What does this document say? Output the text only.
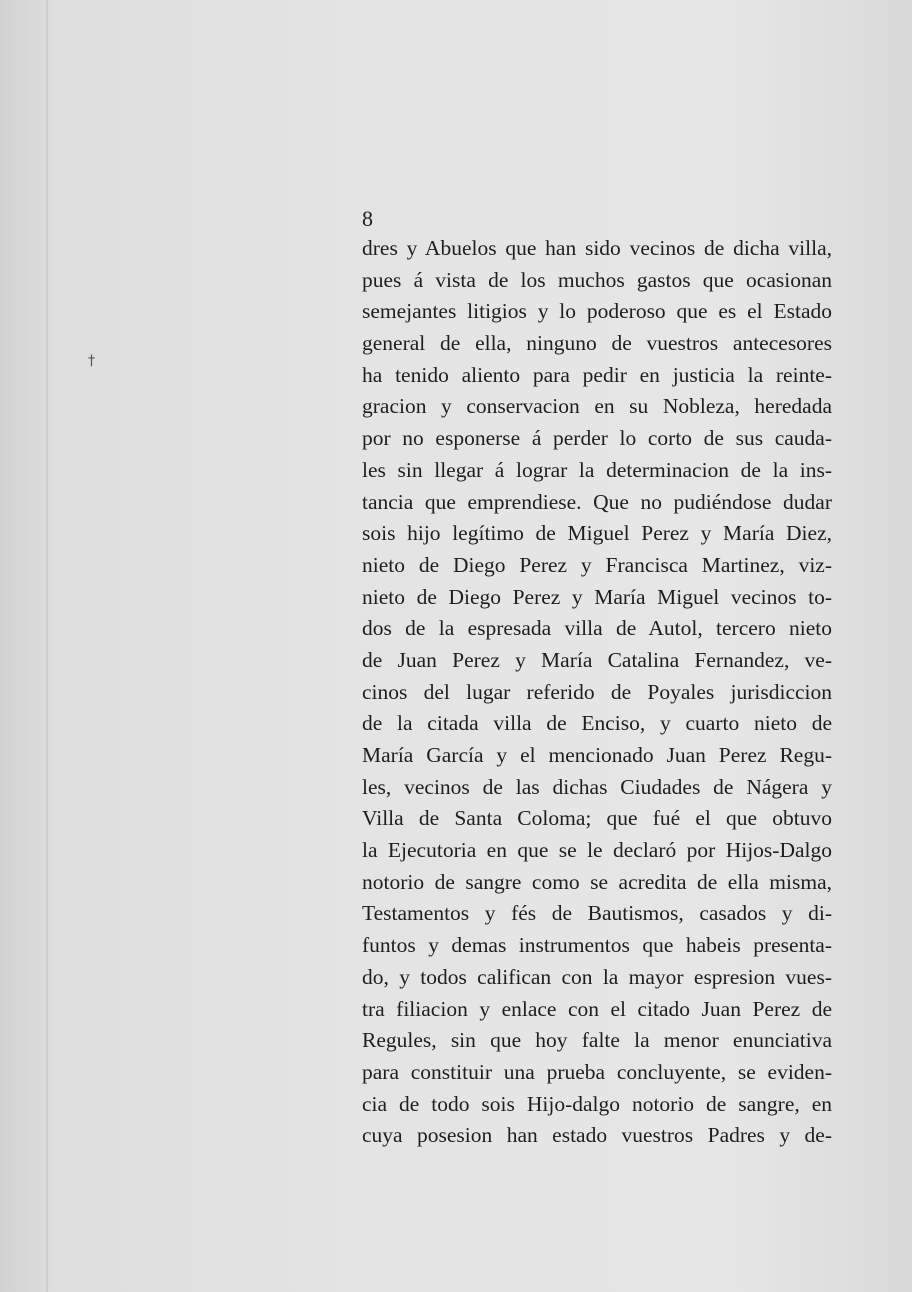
†
8
dres y Abuelos que han sido vecinos de dicha villa,
pues á vista de los muchos gastos que ocasionan
semejantes litigios y lo poderoso que es el Estado
general de ella, ninguno de vuestros antecesores
ha tenido aliento para pedir en justicia la reinte-
gracion y conservacion en su Nobleza, heredada
por no esponerse á perder lo corto de sus cauda-
les sin llegar á lograr la determinacion de la ins-
tancia que emprendiese. Que no pudiéndose dudar
sois hijo legítimo de Miguel Perez y María Diez,
nieto de Diego Perez y Francisca Martinez, viz-
nieto de Diego Perez y María Miguel vecinos to-
dos de la espresada villa de Autol, tercero nieto
de Juan Perez y María Catalina Fernandez, ve-
cinos del lugar referido de Poyales jurisdiccion
de la citada villa de Enciso, y cuarto nieto de
María García y el mencionado Juan Perez Regu-
les, vecinos de las dichas Ciudades de Nágera y
Villa de Santa Coloma; que fué el que obtuvo
la Ejecutoria en que se le declaró por Hijos-Dalgo
notorio de sangre como se acredita de ella misma,
Testamentos y fés de Bautismos, casados y di-
funtos y demas instrumentos que habeis presenta-
do, y todos califican con la mayor espresion vues-
tra filiacion y enlace con el citado Juan Perez de
Regules, sin que hoy falte la menor enunciativa
para constituir una prueba concluyente, se eviden-
cia de todo sois Hijo-dalgo notorio de sangre, en
cuya posesion han estado vuestros Padres y de-
